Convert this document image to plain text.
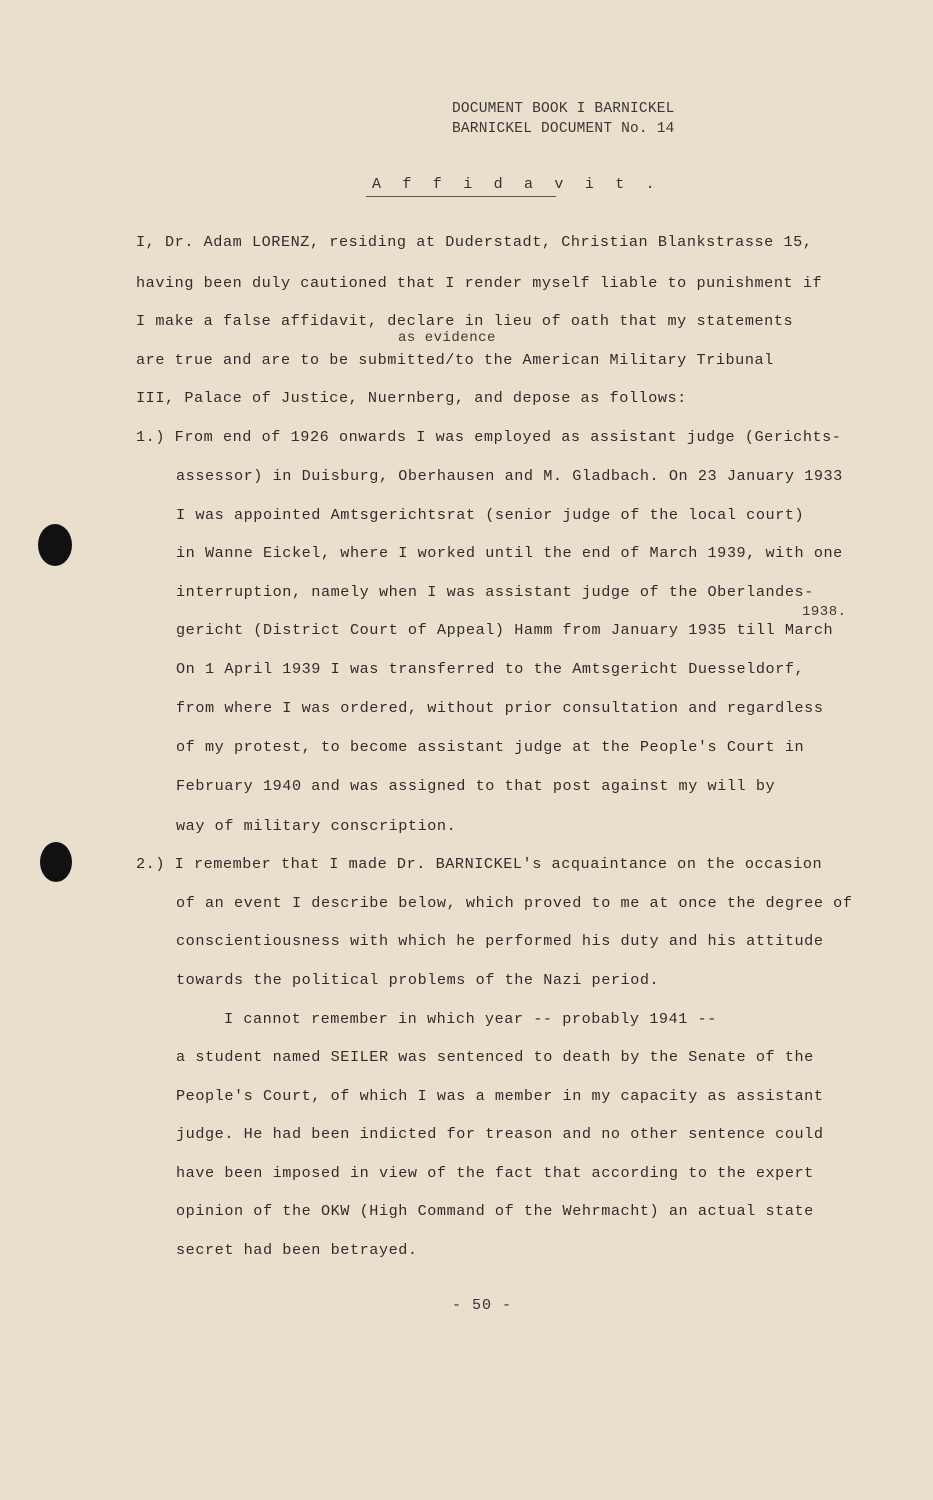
DOCUMENT BOOK I BARNICKEL
BARNICKEL DOCUMENT No. 14
A f f i d a v i t .
I, Dr. Adam LORENZ, residing at Duderstadt, Christian Blankstrasse 15,
having been duly cautioned that I render myself liable to punishment if
I make a false affidavit, declare in lieu of oath that my statements
as evidence
are true and are to be submitted/to the American Military Tribunal
III, Palace of Justice, Nuernberg, and depose as follows:
1.) From end of 1926 onwards I was employed as assistant judge (Gerichts-
assessor) in Duisburg, Oberhausen and M. Gladbach. On 23 January 1933
I was appointed Amtsgerichtsrat (senior judge of the local court)
in Wanne Eickel, where I worked until the end of March 1939, with one
interruption, namely when I was assistant judge of the Oberlandes-
1938.
gericht (District Court of Appeal) Hamm from January 1935 till March
On 1 April 1939 I was transferred to the Amtsgericht Duesseldorf,
from where I was ordered, without prior consultation and regardless
of my protest, to become assistant judge at the People's Court in
February 1940 and was assigned to that post against my will by
way of military conscription.
2.) I remember that I made Dr. BARNICKEL's acquaintance on the occasion
of an event I describe below, which proved to me at once the degree of
conscientiousness with which he performed his duty and his attitude
towards the political problems of the Nazi period.
I cannot remember in which year -- probably 1941 --
a student named SEILER was sentenced to death by the Senate of the
People's Court, of which I was a member in my capacity as assistant
judge. He had been indicted for treason and no other sentence could
have been imposed in view of the fact that according to the expert
opinion of the OKW (High Command of the Wehrmacht) an actual state
secret had been betrayed.
- 50 -
